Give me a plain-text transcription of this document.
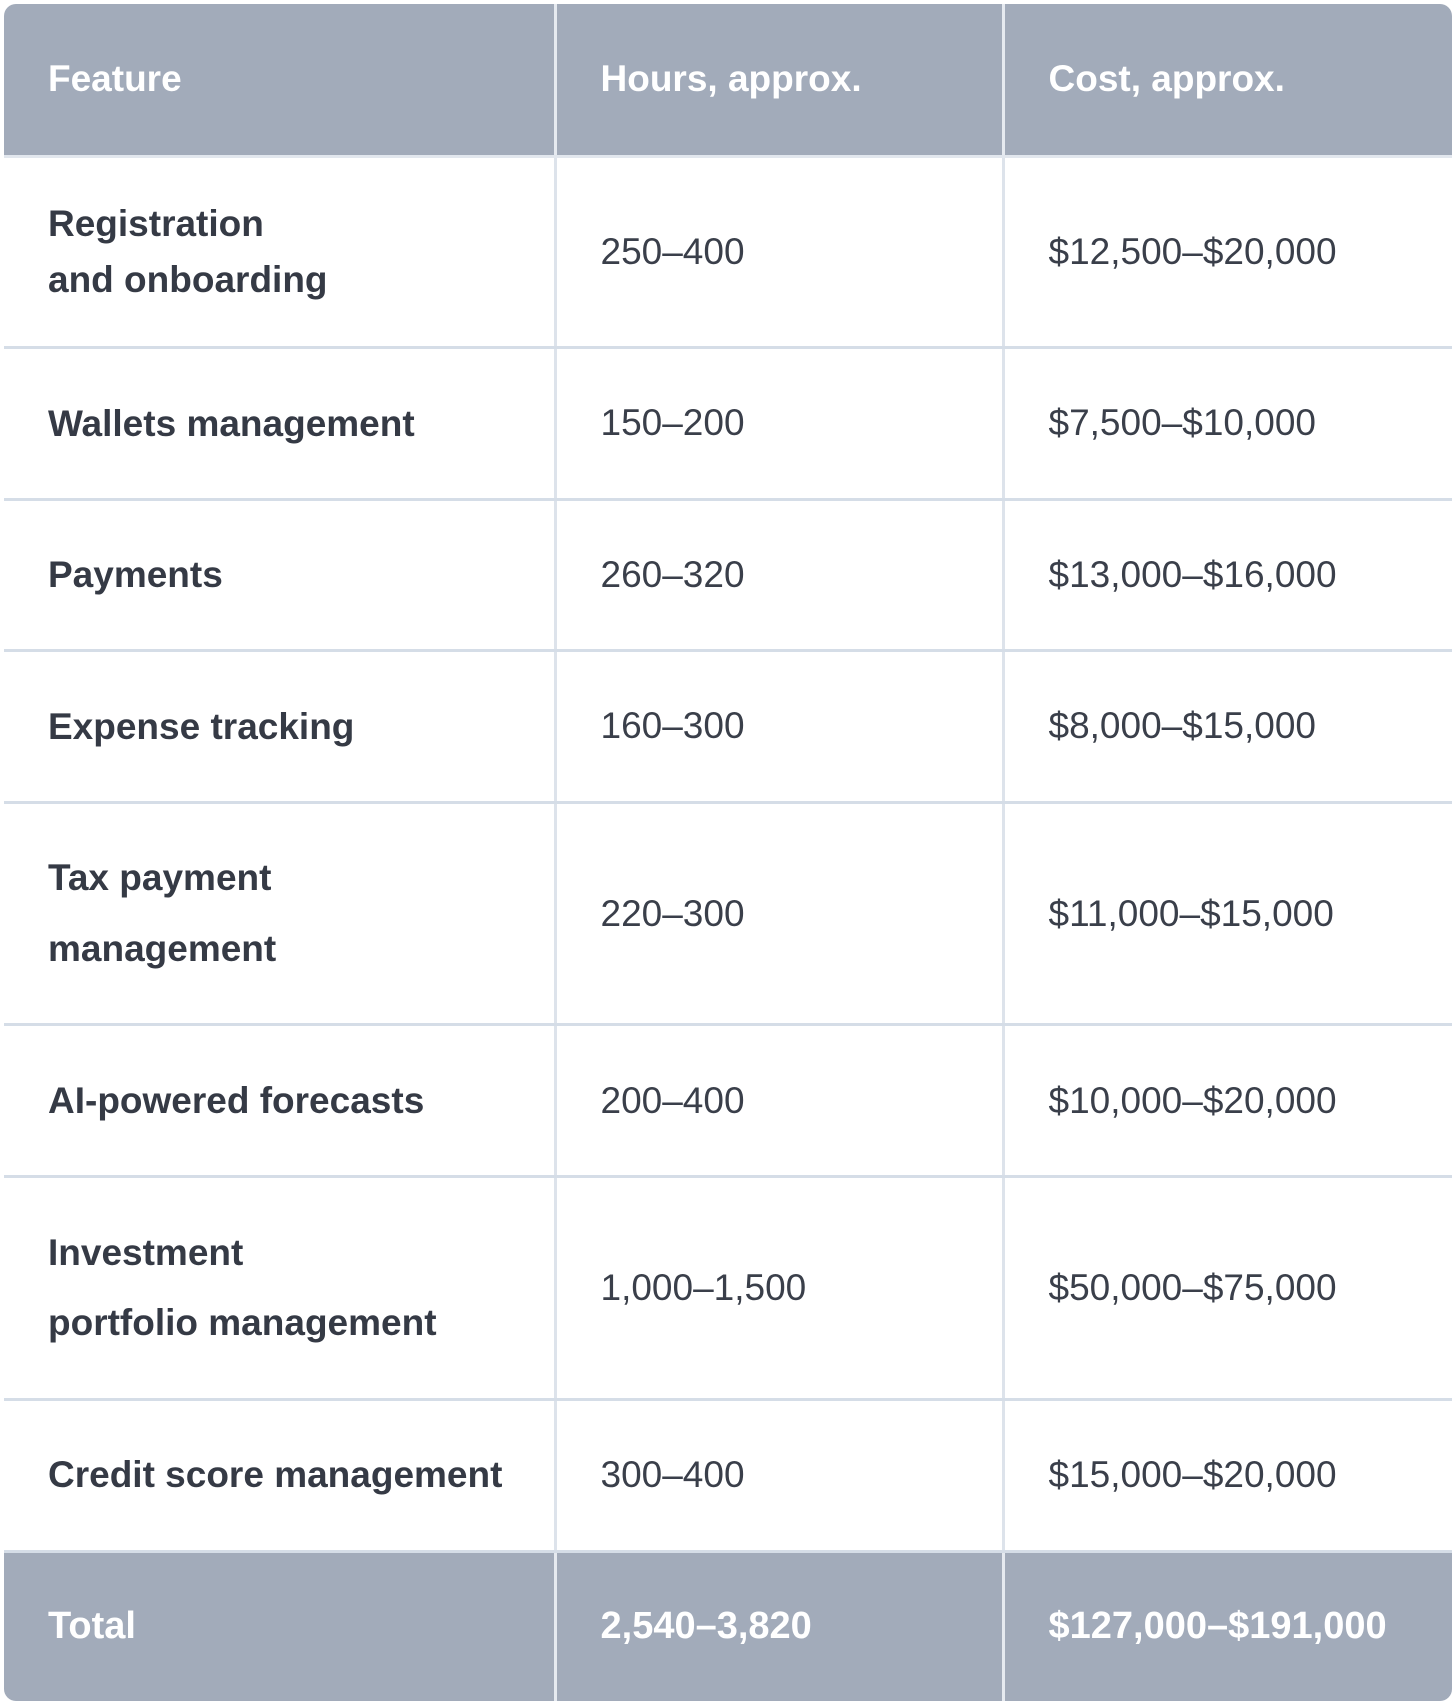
Feature	Hours, approx.	Cost, approx.

Registration
and onboarding	250–400	$12,500–$20,000

Wallets management	150–200	$7,500–$10,000

Payments	260–320	$13,000–$16,000

Expense tracking	160–300	$8,000–$15,000

Tax payment
management	220–300	$11,000–$15,000

AI-powered forecasts	200–400	$10,000–$20,000

Investment
portfolio management	1,000–1,500	$50,000–$75,000

Credit score management	300–400	$15,000–$20,000
Total	2,540–3,820	$127,000–$191,000
